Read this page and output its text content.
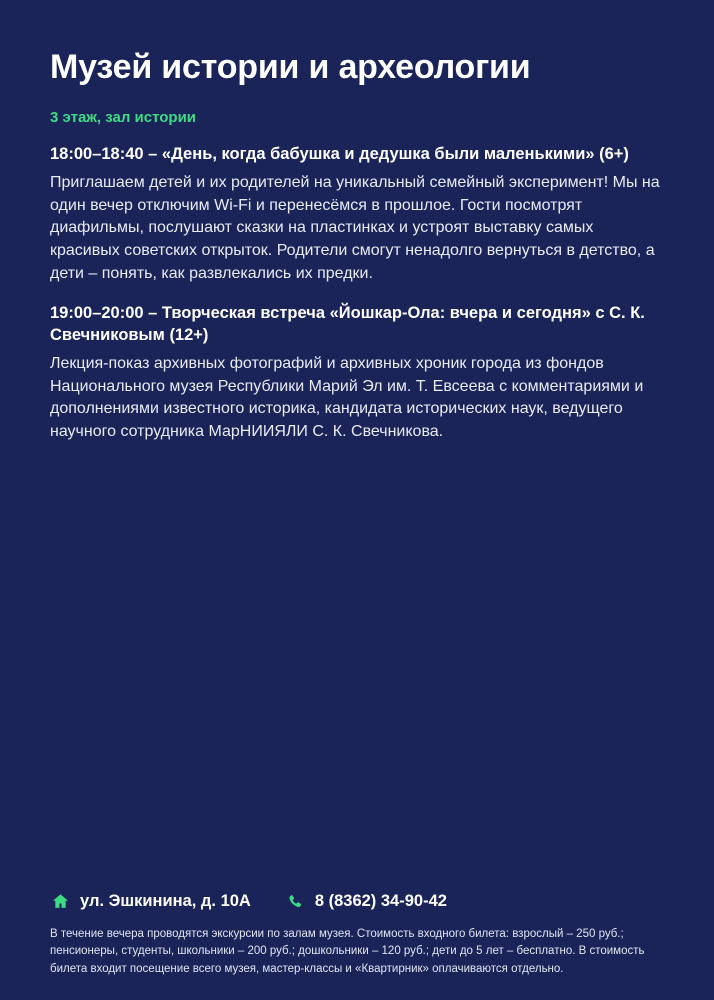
Музей истории и археологии
3 этаж, зал истории
18:00–18:40 – «День, когда бабушка и дедушка были маленькими» (6+)
Приглашаем детей и их родителей на уникальный семейный эксперимент! Мы на один вечер отключим Wi-Fi и перенесёмся в прошлое. Гости посмотрят диафильмы, послушают сказки на пластинках и устроят выставку самых красивых советских открыток. Родители смогут ненадолго вернуться в детство, а дети – понять, как развлекались их предки.
19:00–20:00 – Творческая встреча «Йошкар-Ола: вчера и сегодня» с С. К. Свечниковым (12+)
Лекция-показ архивных фотографий и архивных хроник города из фондов Национального музея Республики Марий Эл им. Т. Евсеева с комментариями и дополнениями известного историка, кандидата исторических наук, ведущего научного сотрудника МарНИИЯЛИ С. К. Свечникова.
ул. Эшкинина, д. 10А	8 (8362) 34-90-42
В течение вечера проводятся экскурсии по залам музея. Стоимость входного билета: взрослый – 250 руб.; пенсионеры, студенты, школьники – 200 руб.; дошкольники – 120 руб.; дети до 5 лет – бесплатно. В стоимость билета входит посещение всего музея, мастер-классы и «Квартирник» оплачиваются отдельно.
